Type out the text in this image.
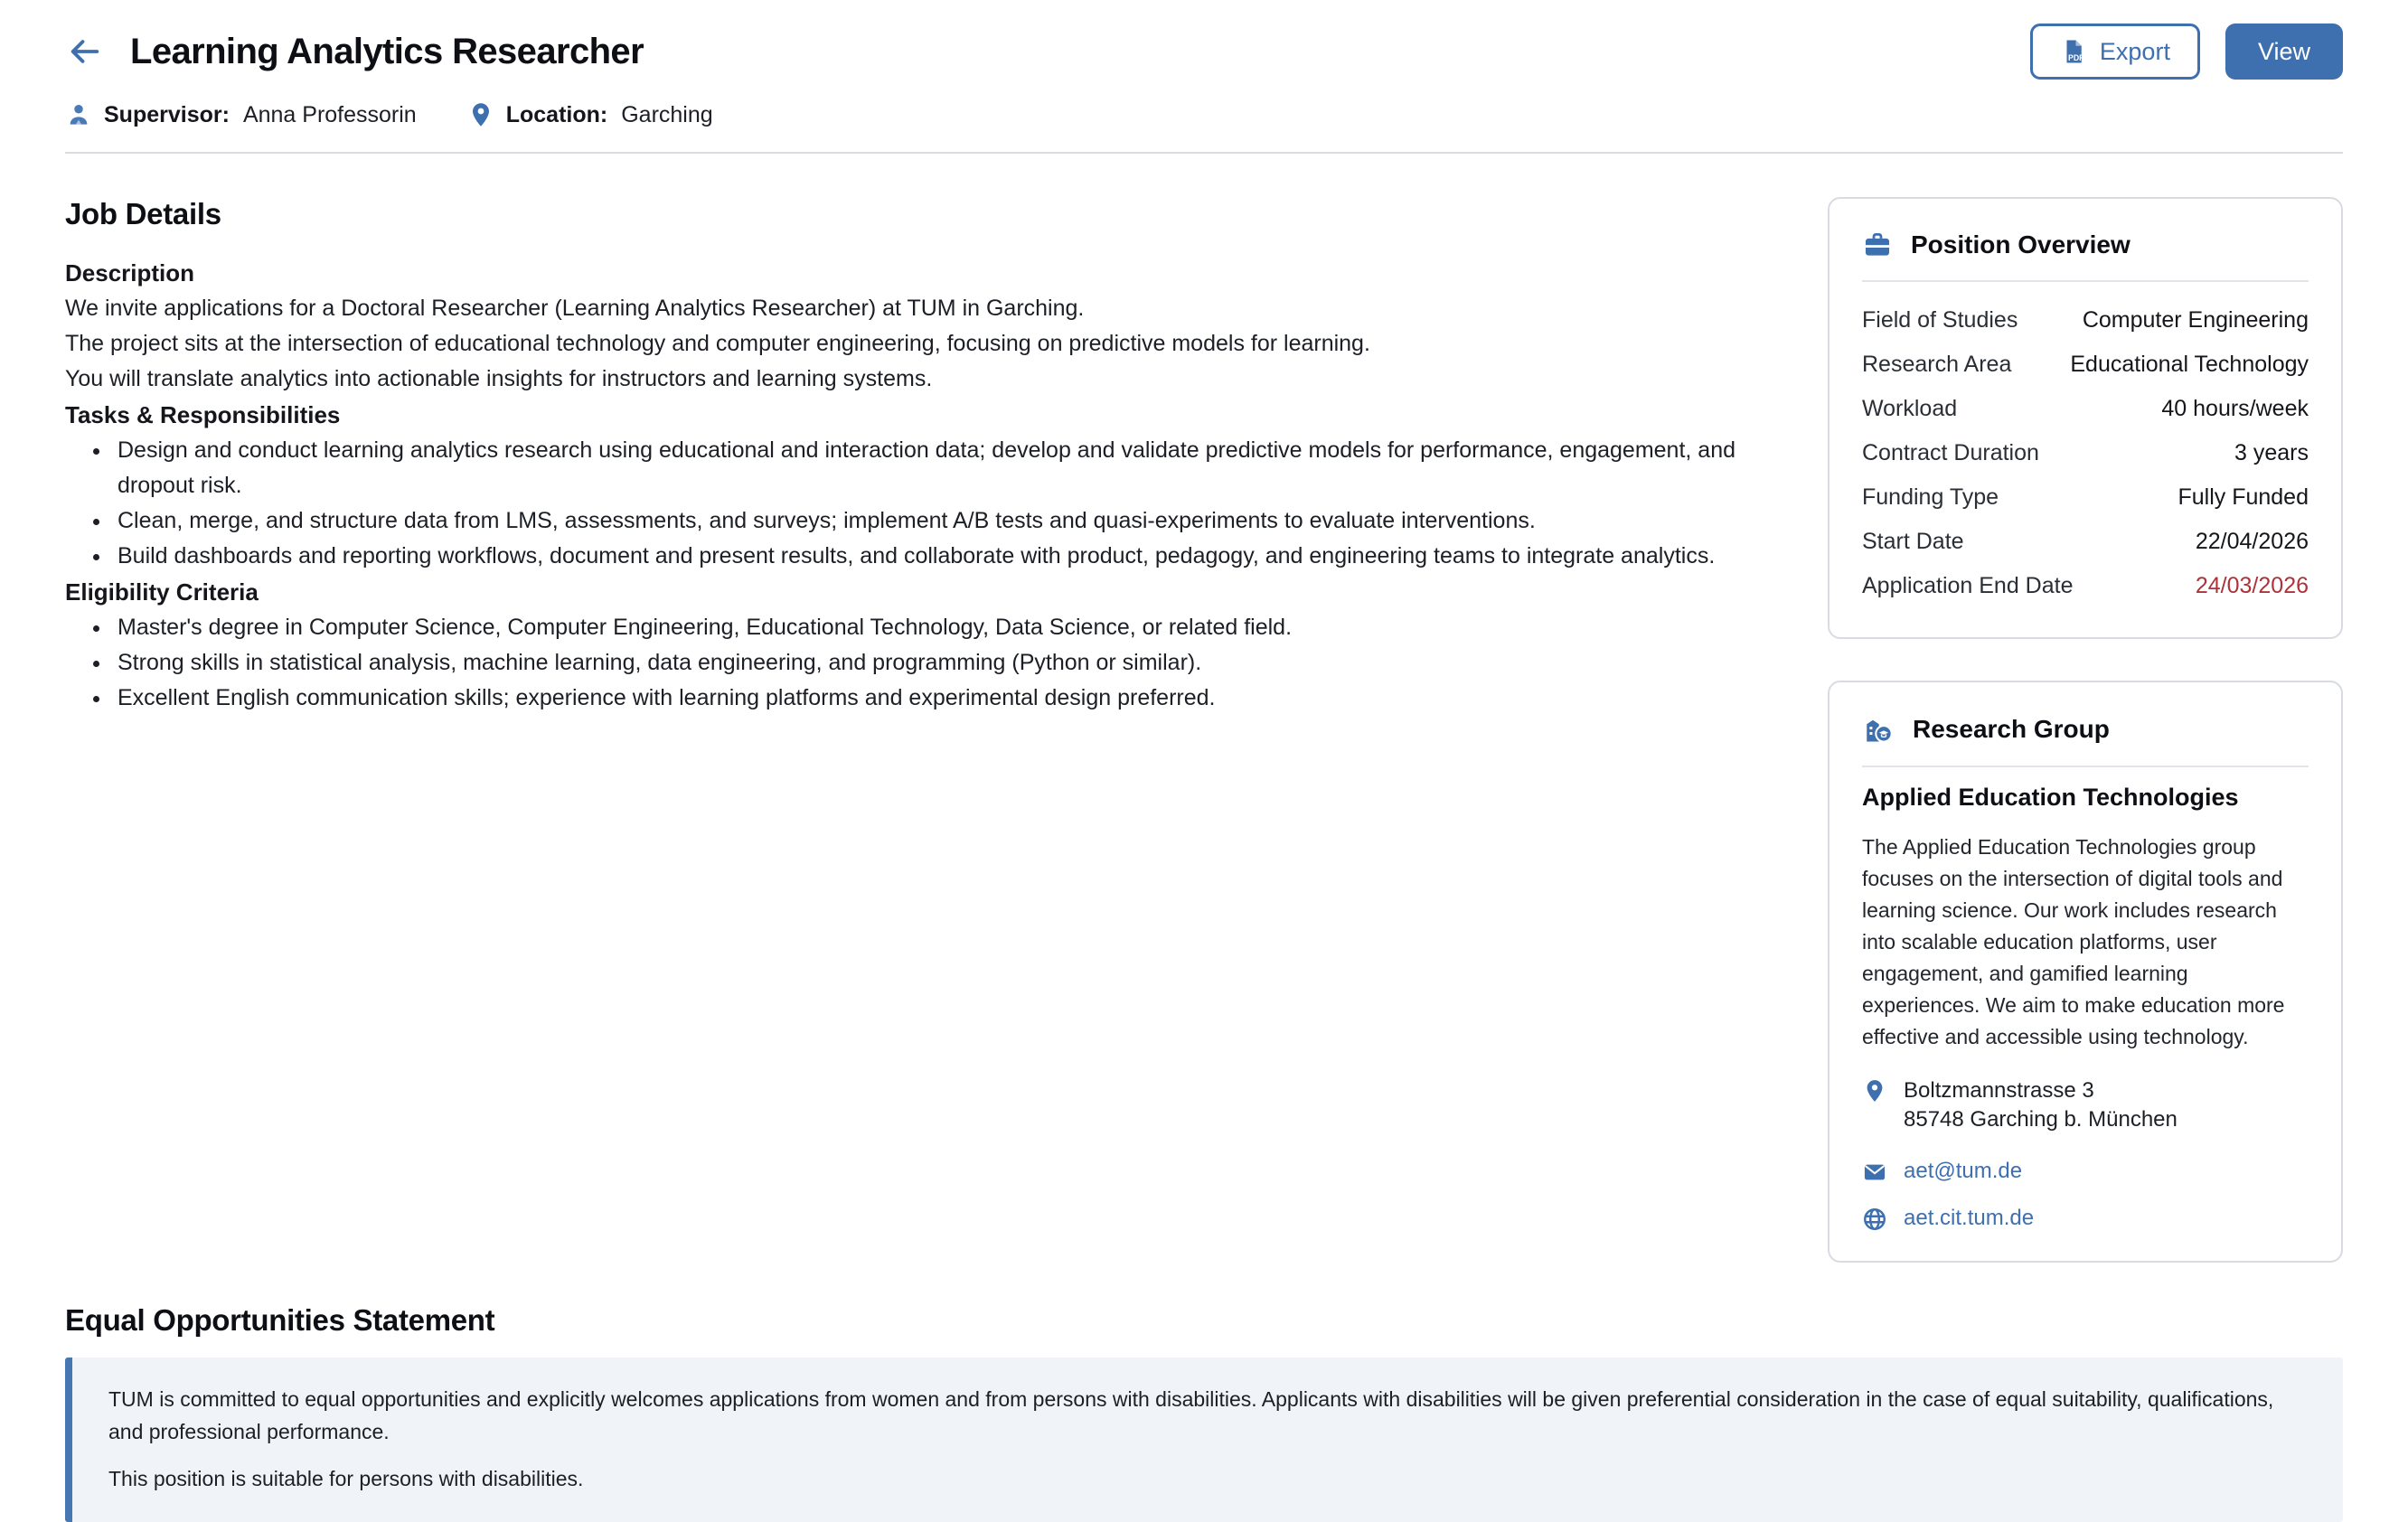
Learning Analytics Researcher	PDF Export	View
Supervisor: Anna Professorin	Location: Garching
Job Details
Description

We invite applications for a Doctoral Researcher (Learning Analytics Researcher) at TUM in Garching.

The project sits at the intersection of educational technology and computer engineering, focusing on predictive models for learning.

You will translate analytics into actionable insights for instructors and learning systems.

Tasks & Responsibilities
• Design and conduct learning analytics research using educational and interaction data; develop and validate predictive models for performance, engagement, and dropout risk.
• Clean, merge, and structure data from LMS, assessments, and surveys; implement A/B tests and quasi-experiments to evaluate interventions.
• Build dashboards and reporting workflows, document and present results, and collaborate with product, pedagogy, and engineering teams to integrate analytics.
Eligibility Criteria
• Master's degree in Computer Science, Computer Engineering, Educational Technology, Data Science, or related field.
• Strong skills in statistical analysis, machine learning, data engineering, and programming (Python or similar).
• Excellent English communication skills; experience with learning platforms and experimental design preferred.
Position Overview
Field of Studies	Computer Engineering
Research Area	Educational Technology
Workload	40 hours/week
Contract Duration	3 years
Funding Type	Fully Funded
Start Date	22/04/2026
Application End Date	24/03/2026
Research Group
Applied Education Technologies

The Applied Education Technologies group focuses on the intersection of digital tools and learning science. Our work includes research into scalable education platforms, user engagement, and gamified learning experiences. We aim to make education more effective and accessible using technology.

Boltzmannstrasse 3
85748 Garching b. München
aet@tum.de
aet.cit.tum.de
Equal Opportunities Statement

TUM is committed to equal opportunities and explicitly welcomes applications from women and from persons with disabilities. Applicants with disabilities will be given preferential consideration in the case of equal suitability, qualifications, and professional performance.

This position is suitable for persons with disabilities.
